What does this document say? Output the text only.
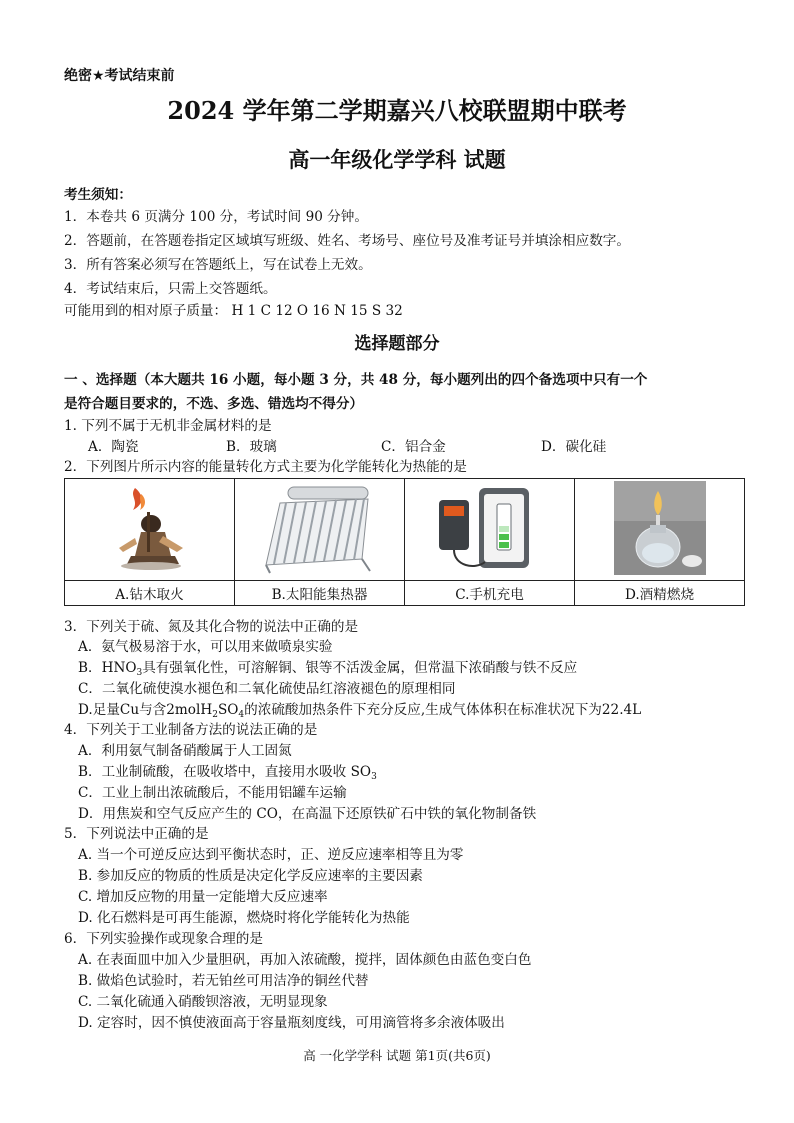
绝密★考试结束前
2024 学年第二学期嘉兴八校联盟期中联考
高一年级化学学科 试题
考生须知：
1．本卷共 6 页满分 100 分，考试时间 90 分钟。
2．答题前，在答题卷指定区域填写班级、姓名、考场号、座位号及准考证号并填涂相应数字。
3．所有答案必须写在答题纸上，写在试卷上无效。
4．考试结束后，只需上交答题纸。
可能用到的相对原子质量： H 1 C 12 O 16 N 15 S 32
选择题部分
一 、选择题（本大题共 16 小题，每小题 3 分，共 48 分，每小题列出的四个备选项中只有一个
是符合题目要求的，不选、多选、错选均不得分）
1. 下列不属于无机非金属材料的是
A．陶瓷	B．玻璃	C．铝合金	D．碳化硅
2．下列图片所示内容的能量转化方式主要为化学能转化为热能的是

A.钻木取火	B.太阳能集热器	C.手机充电	D.酒精燃烧
3．下列关于硫、氮及其化合物的说法中正确的是
A．氨气极易溶于水，可以用来做喷泉实验
B．$HNO_3$具有强氧化性，可溶解铜、银等不活泼金属，但常温下浓硝酸与铁不反应
C．二氧化硫使溴水褪色和二氧化硫使品红溶液褪色的原理相同
D.足量Cu与含$2molH_2SO_4$的浓硫酸加热条件下充分反应,生成气体体积在标准状况下为22.4L
4．下列关于工业制备方法的说法正确的是
A．利用氨气制备硝酸属于人工固氮
B．工业制硫酸，在吸收塔中，直接用水吸收 $SO_3$
C．工业上制出浓硫酸后，不能用铝罐车运输
D．用焦炭和空气反应产生的 CO，在高温下还原铁矿石中铁的氧化物制备铁
5．下列说法中正确的是
A. 当一个可逆反应达到平衡状态时，正、逆反应速率相等且为零
B. 参加反应的物质的性质是决定化学反应速率的主要因素
C. 增加反应物的用量一定能增大反应速率
D. 化石燃料是可再生能源，燃烧时将化学能转化为热能
6．下列实验操作或现象合理的是
A. 在表面皿中加入少量胆矾，再加入浓硫酸，搅拌，固体颜色由蓝色变白色
B. 做焰色试验时，若无铂丝可用洁净的铜丝代替
C. 二氧化硫通入硝酸钡溶液，无明显现象
D. 定容时，因不慎使液面高于容量瓶刻度线，可用滴管将多余液体吸出
高 一化学学科 试题 第1页(共6页)
